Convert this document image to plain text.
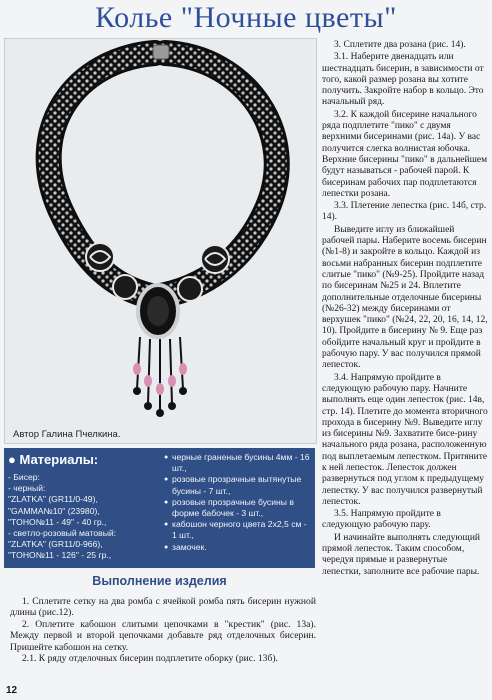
Колье "Ночные цветы"
Автор Галина Пчелкина.
● Материалы:
- Бисер:
- черный:
"ZLATKA" (GR11/0-49),
"GAMMA№10" (23980),
"TOHO№11 - 49" - 40 гр.,
- светло-розовый матовый:
"ZLATKA" (GR11/0-966),
"TOHO№11 - 126" - 25 гр.,
● черные граненые бусины 4мм - 16 шт.,
● розовые прозрачные вытянутые бусины - 7 шт.,
● розовые прозрачные бусины в форме бабочек - 3 шт.,
● кабошон черного цвета 2х2,5 см - 1 шт.,
● замочек.
Выполнение изделия

1. Сплетите сетку на два ромба с ячейкой ромба пять бисерин нужной длины (рис.12).

2. Оплетите кабошон слитыми цепочками в "крестик" (рис. 13а). Между первой и второй цепочками добавьте ряд отделочных бисерин. Пришейте кабошон на сетку.

2.1. К ряду отделочных бисерин подплетите оборку (рис. 13б).

3. Сплетите два розана (рис. 14).

3.1. Наберите двенадцать или шестнадцать бисерин, в зависимости от того, какой размер розана вы хотите получить. Закройте набор в кольцо. Это начальный ряд.

3.2. К каждой бисерине начального ряда подплетите "пико" с двумя верхними бисеринами (рис. 14а). У вас получится слегка волнистая юбочка. Верхние бисерины "пико" в дальнейшем будут называться - рабочей парой. К бисеринам рабочих пар подплетаются лепестки розана.

3.3. Плетение лепестка (рис. 14б, стр. 14).

Выведите иглу из ближайшей рабочей пары. Наберите восемь бисерин (№1-8) и закройте в кольцо. Каждой из восьми набранных бисерин подплетите слитые "пико" (№9-25). Пройдите назад по бисеринам №25 и 24. Вплетите дополнительные отделочные бисерины (№26-32) между бисеринами от верхушек "пико" (№24, 22, 20, 16, 14, 12, 10). Пройдите в бисерину № 9. Еще раз обойдите начальный круг и пройдите в рабочую пару. У вас получился прямой лепесток.

3.4. Напрямую пройдите в следующую рабочую пару. Начните выполнять еще один лепесток (рис. 14в, стр. 14). Плетите до момента вторичного прохода в бисерину №9. Выведите иглу из бисерины №9. Захватите бисе-рину начального ряда розана, расположенную под выплетаемым лепестком. Притяните к ней лепесток. Лепесток должен развернуться под углом к предыдущему лепестку. У вас получился развернутый лепесток.

3.5. Напрямую пройдите в следующую рабочую пару.

И начинайте выполнять следующий прямой лепесток. Таким способом, чередуя прямые и развернутые лепестки, заполните все рабочие пары.

12
